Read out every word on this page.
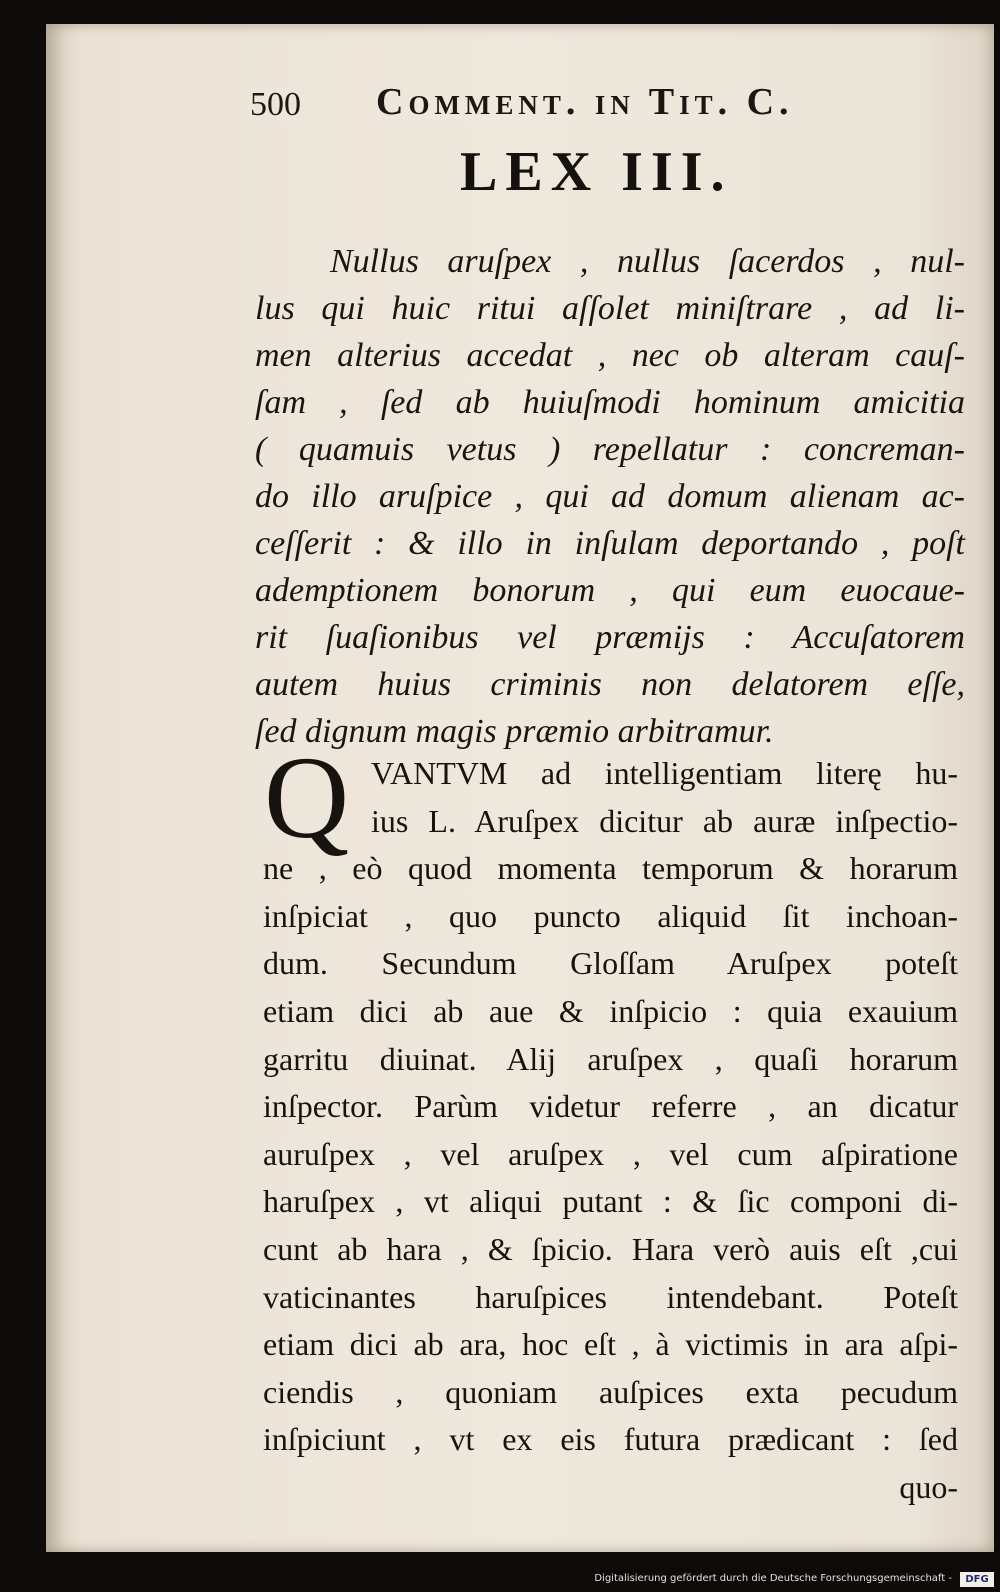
500 Comment. in Tit. C.
LEX III.
Nullus aruſpex , nullus ſacerdos , nul-
lus qui huic ritui aſſolet miniſtrare , ad li-
men alterius accedat , nec ob alteram cauſ-
ſam , ſed ab huiuſmodi hominum amicitia
( quamuis vetus ) repellatur : concreman-
do illo aruſpice , qui ad domum alienam ac-
ceſſerit : & illo in inſulam deportando , poſt
ademptionem bonorum , qui eum euocaue-
rit ſuaſionibus vel præmijs : Accuſatorem
autem huius criminis non delatorem eſſe,
ſed dignum magis præmio arbitramur.
Q VANTVM ad intelligentiam literę hu-
ius L. Aruſpex dicitur ab auræ inſpectio-
ne , eò quod momenta temporum & horarum
inſpiciat , quo puncto aliquid ſit inchoan-
dum. Secundum Gloſſam Aruſpex poteſt
etiam dici ab aue & inſpicio : quia exauium
garritu diuinat. Alij aruſpex , quaſi horarum
inſpector. Parùm videtur referre , an dicatur
auruſpex , vel aruſpex , vel cum aſpiratione
haruſpex , vt aliqui putant : & ſic componi di-
cunt ab hara , & ſpicio. Hara verò auis eſt ,cui
vaticinantes haruſpices intendebant. Poteſt
etiam dici ab ara, hoc eſt , à victimis in ara aſpi-
ciendis , quoniam auſpices exta pecudum
inſpiciunt , vt ex eis futura prædicant : ſed
quo-
Digitalisierung gefördert durch die Deutsche Forschungsgemeinschaft -	DFG
